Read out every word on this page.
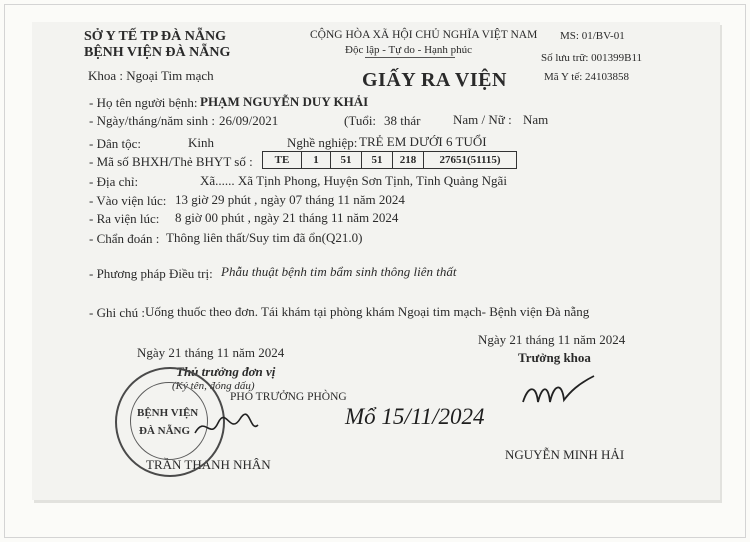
SỞ Y TẾ TP ĐÀ NẴNG
BỆNH VIỆN ĐÀ NẴNG
Khoa : Ngoại Tim mạch
CỘNG HÒA XÃ HỘI CHỦ NGHĨA VIỆT NAM
Độc lập - Tự do - Hạnh phúc
MS: 01/BV-01
Số lưu trữ: 001399B11
Mã Y tế: 24103858
GIẤY RA VIỆN
- Họ tên người bệnh: PHẠM NGUYỄN DUY KHẢI
- Ngày/tháng/năm sinh : 26/09/2021	(Tuổi: 38 thár	Nam / Nữ : Nam
- Dân tộc:	Kinh	Nghề nghiệp: TRẺ EM DƯỚI 6 TUỔI
- Mã số BHXH/Thẻ BHYT số :	TE	1	51	51	218	27651(51115)
- Địa chỉ:	Xã...... Xã Tịnh Phong, Huyện Sơn Tịnh, Tỉnh Quảng Ngãi
- Vào viện lúc: 13 giờ 29 phút , ngày 07 tháng 11 năm 2024
- Ra viện lúc: 8 giờ 00 phút , ngày 21 tháng 11 năm 2024
- Chẩn đoán : Thông liên thất/Suy tim đã ổn(Q21.0)
- Phương pháp Điều trị: Phẫu thuật bệnh tim bẩm sinh thông liên thất
- Ghi chú : Uống thuốc theo đơn. Tái khám tại phòng khám Ngoại tim mạch- Bệnh viện Đà nẵng
Ngày 21 tháng 11 năm 2024
Thủ trưởng đơn vị
(Ký tên, đóng dấu)
PHÓ TRƯỞNG PHÒNG
TRẦN THANH NHÂN
Ngày 21 tháng 11 năm 2024
Trưởng khoa
NGUYỄN MINH HẢI
BỆNH VIỆN
ĐÀ NẴNG
Mổ 15/11/2024
